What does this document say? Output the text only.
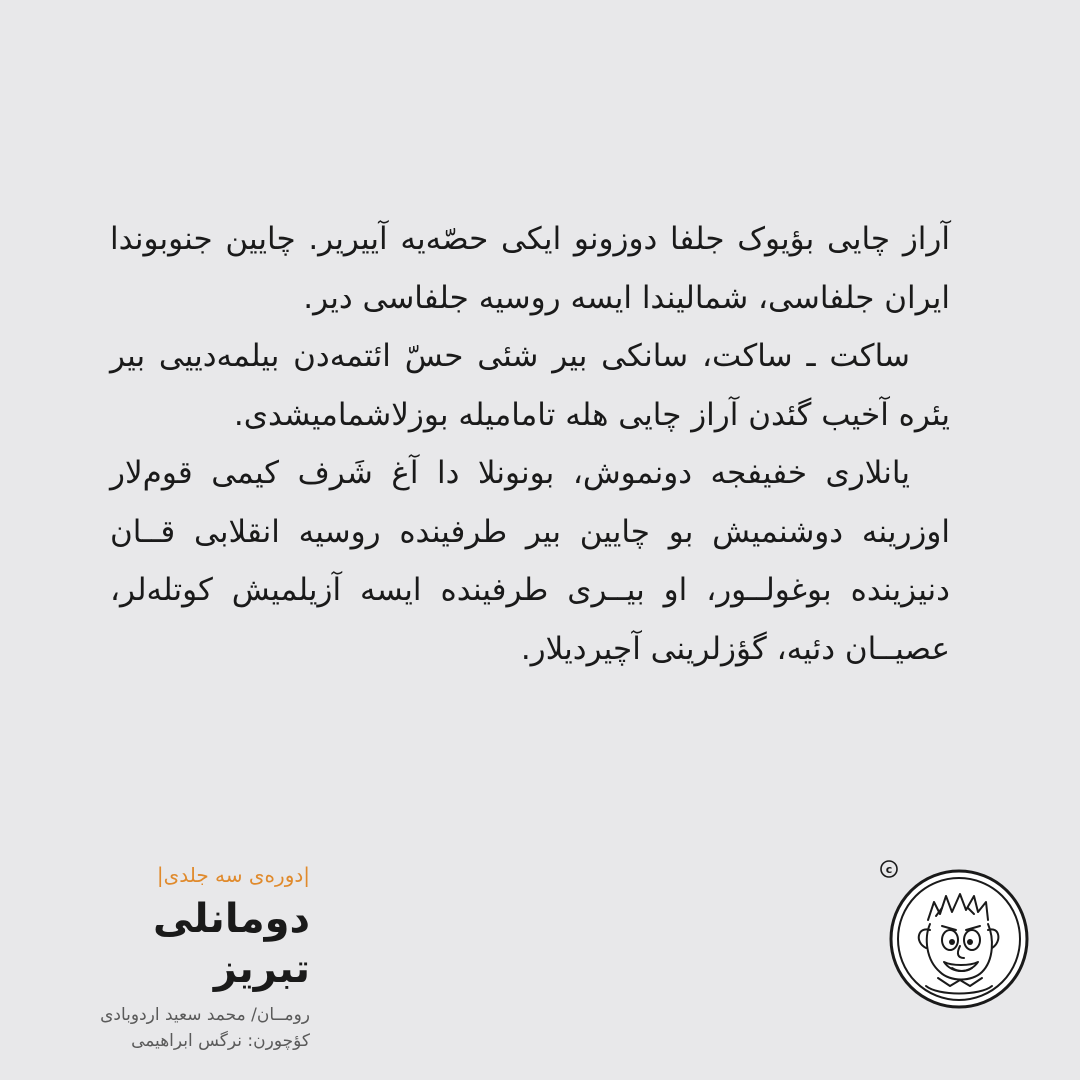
آراز چایی بؤیوک جلفا دوزونو ایکی حصّه‌یه آییریر. چایین جنوبوندا ایران جلفاسی، شمالیندا ایسه روسیه جلفاسی دیر.

ساکت ـ ساکت، سانکی بیر شئی حسّ ائتمه‌دن بیلمه‌دییی بیر یئره آخیب گئدن آراز چایی هله تامامیله بوزلاشمامیشدی.

یانلاری خفیفجه دونموش، بونونلا دا آغ شَرف کیمی قوم‌لار اوزرینه دوشنمیش بو چایین بیر طرفینده روسیه انقلابی قــان دنیزینده بوغولــور، او بیــری طرفینده ایسه آزیلمیش کوتله‌لر، عصیــان دئیه، گؤزلرینی آچیردیلار.

|دوره‌ی سه جلدی|
دومانلی تبریز
رومــان/ محمد سعید اردوبادی
کؤچورن: نرگس ابراهیمی
c
